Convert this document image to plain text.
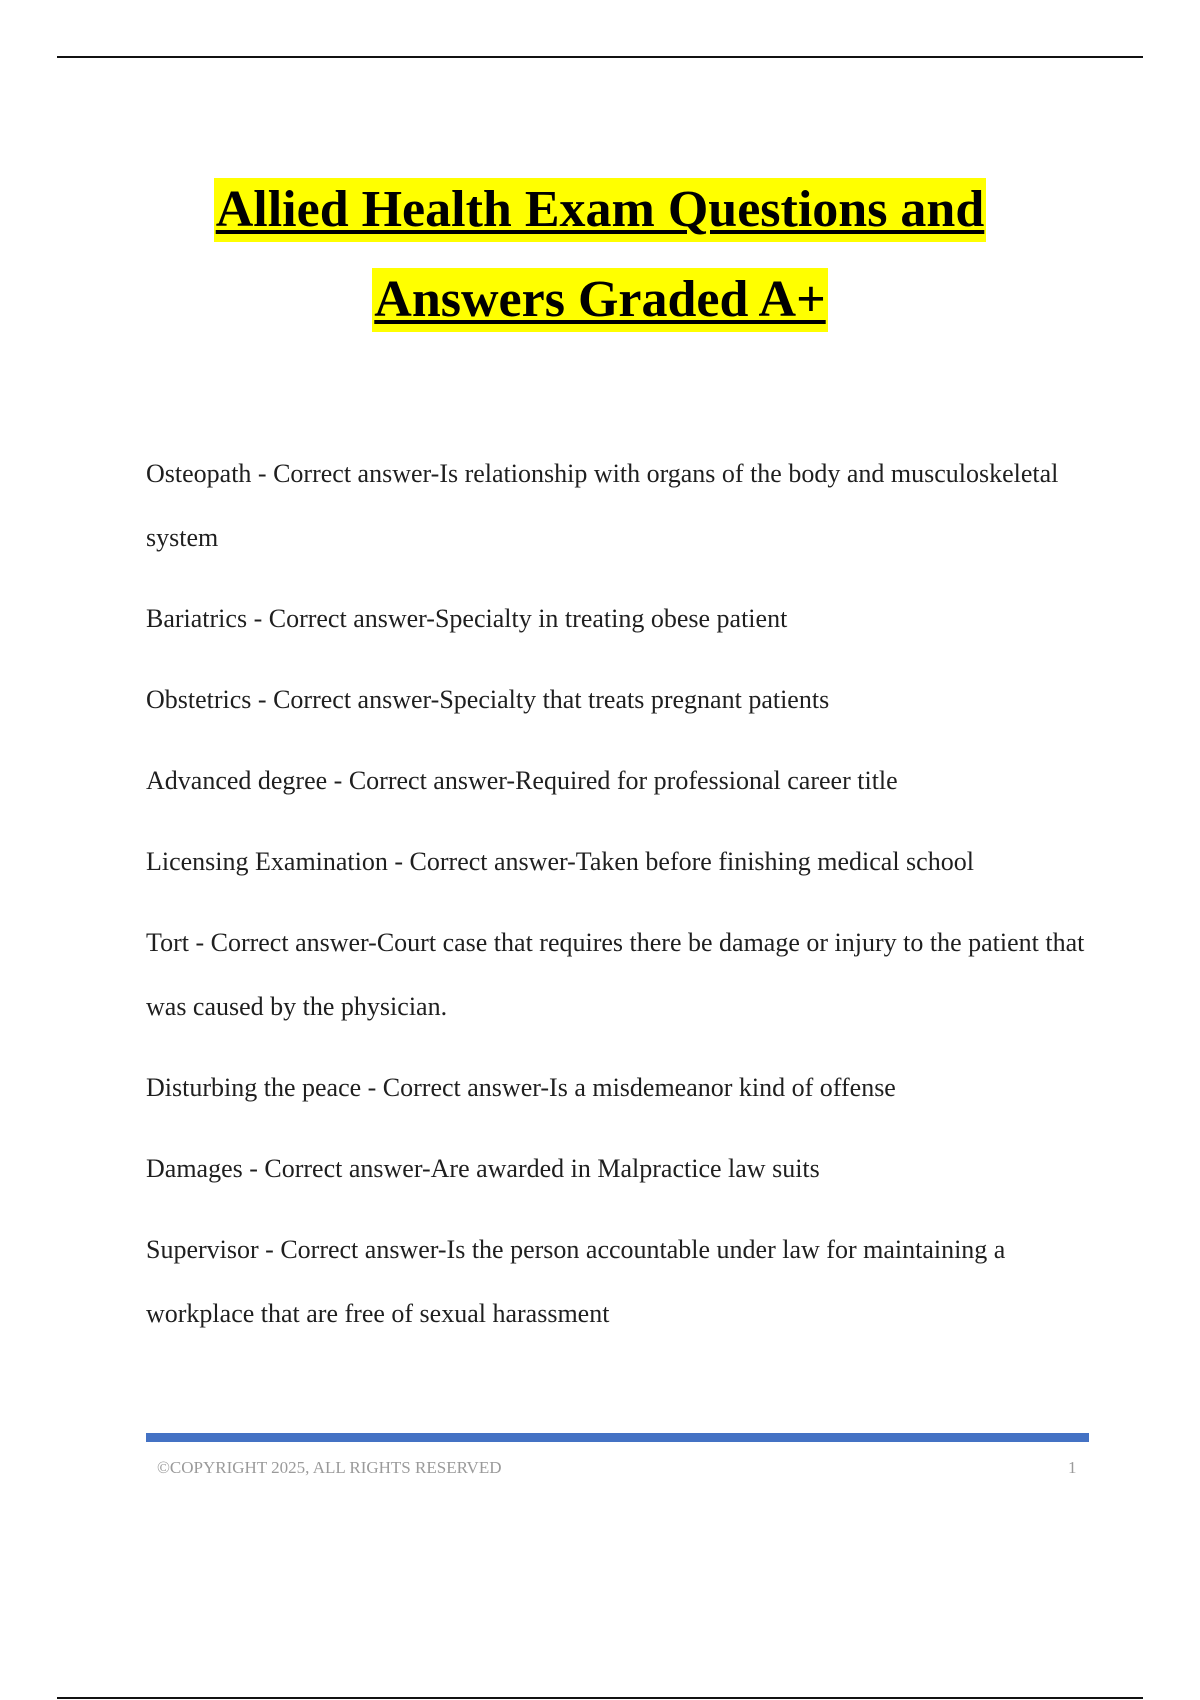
Allied Health Exam Questions and
Answers Graded A+
Osteopath - Correct answer-Is relationship with organs of the body and musculoskeletal system
Bariatrics - Correct answer-Specialty in treating obese patient
Obstetrics - Correct answer-Specialty that treats pregnant patients
Advanced degree - Correct answer-Required for professional career title
Licensing Examination - Correct answer-Taken before finishing medical school
Tort - Correct answer-Court case that requires there be damage or injury to the patient that was caused by the physician.
Disturbing the peace - Correct answer-Is a misdemeanor kind of offense
Damages - Correct answer-Are awarded in Malpractice law suits
Supervisor - Correct answer-Is the person accountable under law for maintaining a workplace that are free of sexual harassment
©COPYRIGHT 2025, ALL RIGHTS RESERVED	1
